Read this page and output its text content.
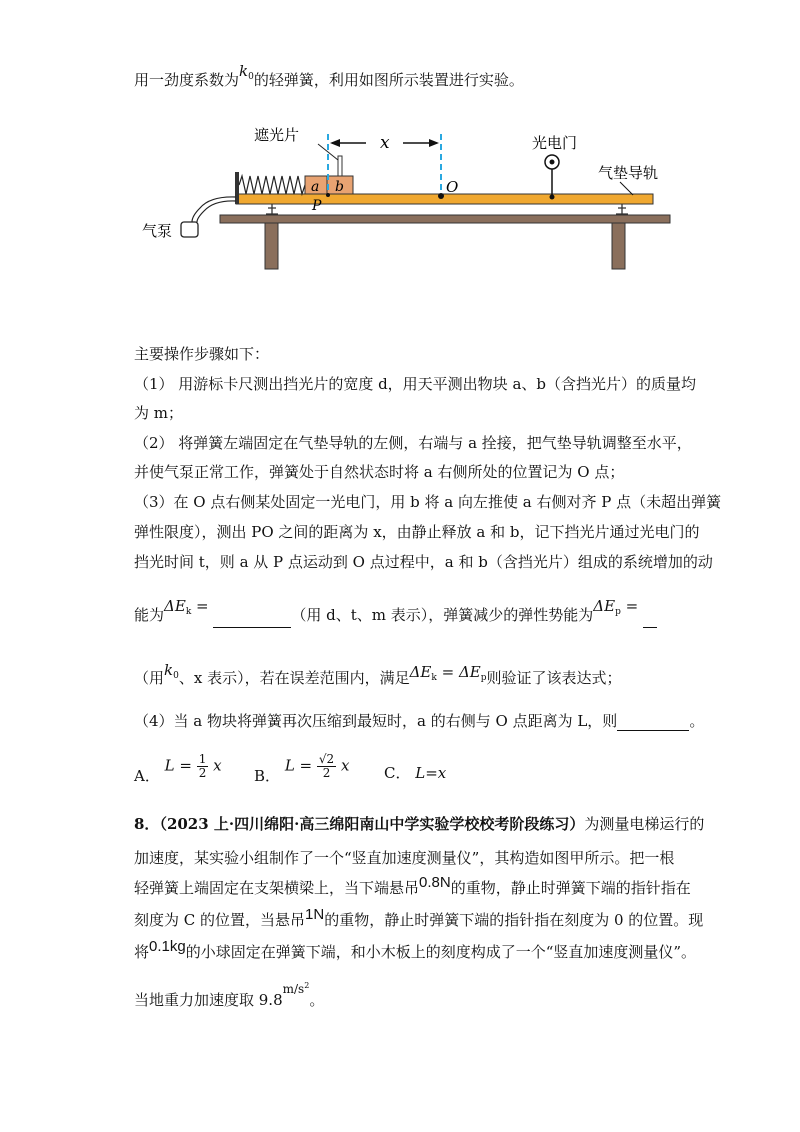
用一劲度系数为$k_0$的轻弹簧，利用如图所示装置进行实验。
遮光片	x	光电门
气垫导轨
气泵
a b
P
O
主要操作步骤如下：
（1） 用游标卡尺测出挡光片的宽度 d，用天平测出物块 a、b（含挡光片）的质量均
为 m；
（2） 将弹簧左端固定在气垫导轨的左侧，右端与 a 拴接，把气垫导轨调整至水平，
并使气泵正常工作，弹簧处于自然状态时将 a 右侧所处的位置记为 O 点；
（3）在 O 点右侧某处固定一光电门，用 b 将 a 向左推使 a 右侧对齐 P 点（未超出弹簧
弹性限度），测出 PO 之间的距离为 x，由静止释放 a 和 b，记下挡光片通过光电门的
挡光时间 t，则 a 从 P 点运动到 O 点过程中，a 和 b（含挡光片）组成的系统增加的动
能为$\Delta E_k$ =	（用 d、t、m 表示），弹簧减少的弹性势能为$\Delta E_p$ =
（用$k_0$、x 表示），若在误差范围内，满足$\Delta E_k = \Delta E_p$则验证了该表达式；
（4）当 a 物块将弹簧再次压缩到最短时，a 的右侧与 O 点距离为 L，则	。
A． $L = \frac{1}{2}$ x
B． $L = \frac{√2}{2}$ x C． L=x
8．（2023 上·四川绵阳·高三绵阳南山中学实验学校校考阶段练习）为测量电梯运行的
加速度，某实验小组制作了一个“竖直加速度测量仪”，其构造如图甲所示。把一根
轻弹簧上端固定在支架横梁上，当下端悬吊0.8N的重物，静止时弹簧下端的指针指在
刻度为 C 的位置，当悬吊1N的重物，静止时弹簧下端的指针指在刻度为 0 的位置。现
将0.1kg的小球固定在弹簧下端，和小木板上的刻度构成了一个“竖直加速度测量仪”。
当地重力加速度取 $9.8^{m/s^2}$。
